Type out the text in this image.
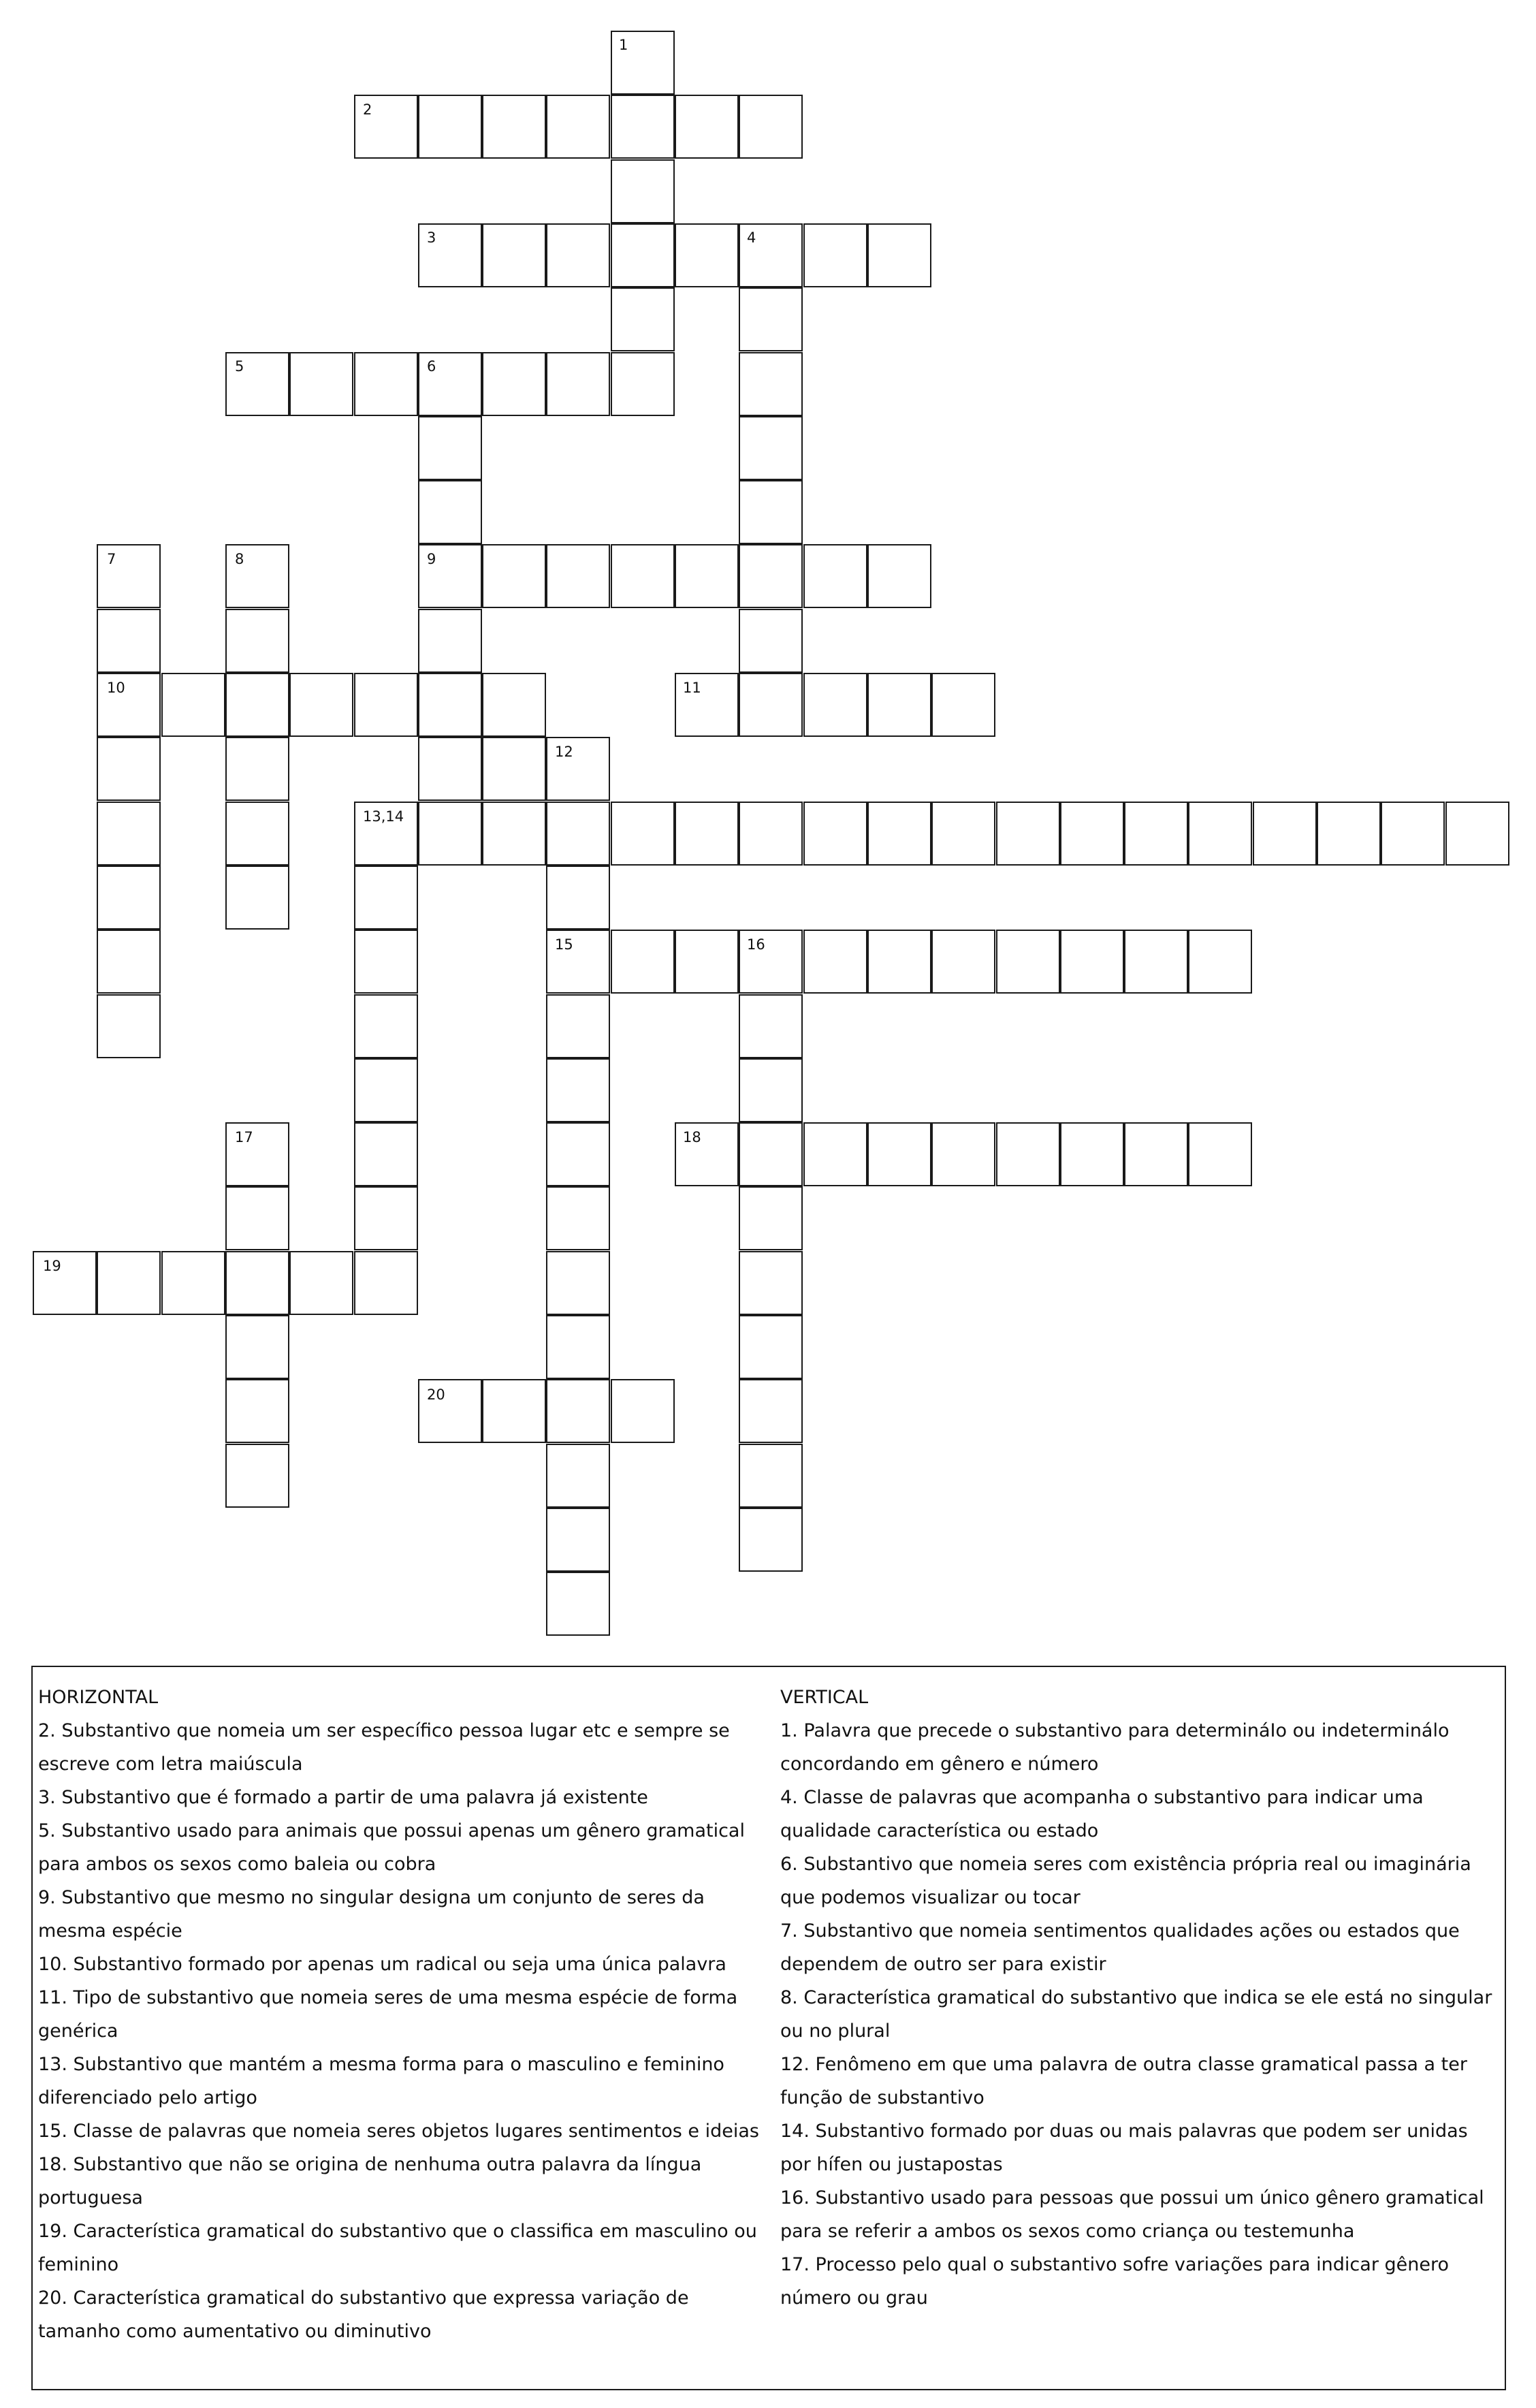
1
2
3	4
5	6
7	8	9
10	11
12
13,14
15	16
17	18
19
20
HORIZONTAL
2. Substantivo que nomeia um ser específico pessoa lugar etc e sempre se escreve com letra maiúscula
3. Substantivo que é formado a partir de uma palavra já existente
5. Substantivo usado para animais que possui apenas um gênero gramatical para ambos os sexos como baleia ou cobra
9. Substantivo que mesmo no singular designa um conjunto de seres da mesma espécie
10. Substantivo formado por apenas um radical ou seja uma única palavra
11. Tipo de substantivo que nomeia seres de uma mesma espécie de forma genérica
13. Substantivo que mantém a mesma forma para o masculino e feminino diferenciado pelo artigo
15. Classe de palavras que nomeia seres objetos lugares sentimentos e ideias
18. Substantivo que não se origina de nenhuma outra palavra da língua portuguesa
19. Característica gramatical do substantivo que o classifica em masculino ou feminino
20. Característica gramatical do substantivo que expressa variação de tamanho como aumentativo ou diminutivo
VERTICAL
1. Palavra que precede o substantivo para determináIo ou indeterminálo concordando em gênero e número
4. Classe de palavras que acompanha o substantivo para indicar uma qualidade característica ou estado
6. Substantivo que nomeia seres com existência própria real ou imaginária que podemos visualizar ou tocar
7. Substantivo que nomeia sentimentos qualidades ações ou estados que dependem de outro ser para existir
8. Característica gramatical do substantivo que indica se ele está no singular ou no plural
12. Fenômeno em que uma palavra de outra classe gramatical passa a ter função de substantivo
14. Substantivo formado por duas ou mais palavras que podem ser unidas por hífen ou justapostas
16. Substantivo usado para pessoas que possui um único gênero gramatical para se referir a ambos os sexos como criança ou testemunha
17. Processo pelo qual o substantivo sofre variações para indicar gênero número ou grau
